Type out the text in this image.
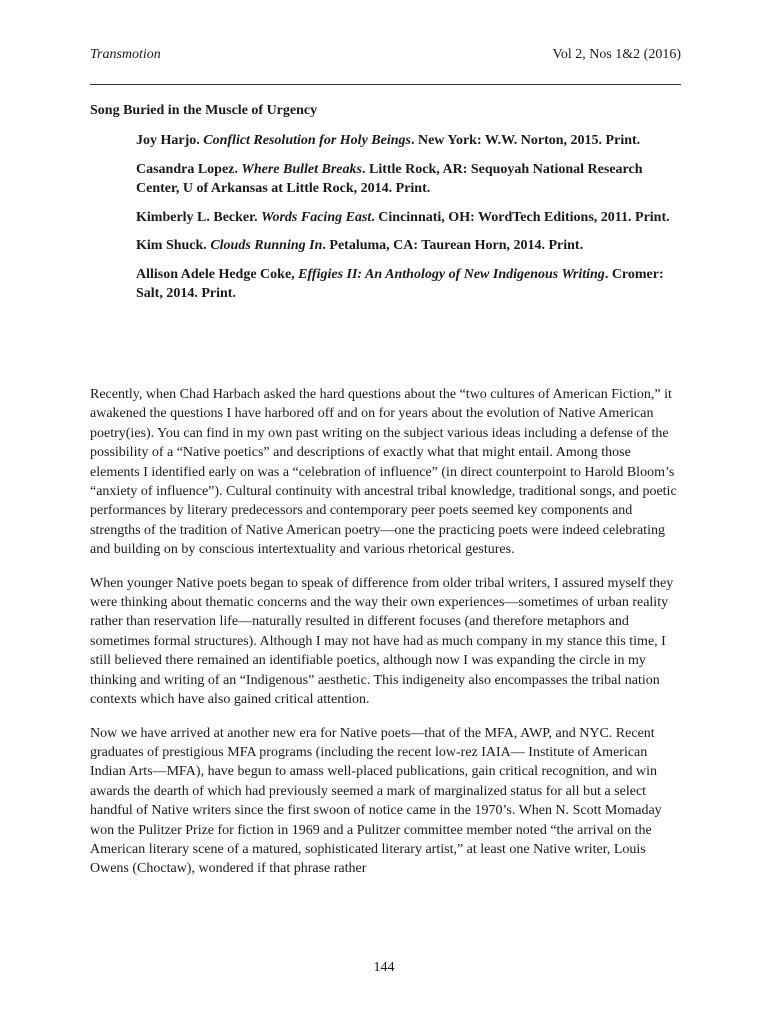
Transmotion	Vol 2, Nos 1&2 (2016)
Song Buried in the Muscle of Urgency

Joy Harjo. Conflict Resolution for Holy Beings. New York: W.W. Norton, 2015. Print.

Casandra Lopez. Where Bullet Breaks. Little Rock, AR: Sequoyah National Research Center, U of Arkansas at Little Rock, 2014. Print.

Kimberly L. Becker. Words Facing East. Cincinnati, OH: WordTech Editions, 2011. Print.

Kim Shuck. Clouds Running In. Petaluma, CA: Taurean Horn, 2014. Print.

Allison Adele Hedge Coke, Effigies II: An Anthology of New Indigenous Writing. Cromer: Salt, 2014. Print.

Recently, when Chad Harbach asked the hard questions about the “two cultures of American Fiction,” it awakened the questions I have harbored off and on for years about the evolution of Native American poetry(ies). You can find in my own past writing on the subject various ideas including a defense of the possibility of a “Native poetics” and descriptions of exactly what that might entail. Among those elements I identified early on was a “celebration of influence” (in direct counterpoint to Harold Bloom’s “anxiety of influence”). Cultural continuity with ancestral tribal knowledge, traditional songs, and poetic performances by literary predecessors and contemporary peer poets seemed key components and strengths of the tradition of Native American poetry—one the practicing poets were indeed celebrating and building on by conscious intertextuality and various rhetorical gestures.

When younger Native poets began to speak of difference from older tribal writers, I assured myself they were thinking about thematic concerns and the way their own experiences—sometimes of urban reality rather than reservation life—naturally resulted in different focuses (and therefore metaphors and sometimes formal structures). Although I may not have had as much company in my stance this time, I still believed there remained an identifiable poetics, although now I was expanding the circle in my thinking and writing of an “Indigenous” aesthetic. This indigeneity also encompasses the tribal nation contexts which have also gained critical attention.

Now we have arrived at another new era for Native poets—that of the MFA, AWP, and NYC. Recent graduates of prestigious MFA programs (including the recent low-rez IAIA— Institute of American Indian Arts—MFA), have begun to amass well-placed publications, gain critical recognition, and win awards the dearth of which had previously seemed a mark of marginalized status for all but a select handful of Native writers since the first swoon of notice came in the 1970’s. When N. Scott Momaday won the Pulitzer Prize for fiction in 1969 and a Pulitzer committee member noted “the arrival on the American literary scene of a matured, sophisticated literary artist,” at least one Native writer, Louis Owens (Choctaw), wondered if that phrase rather

144
